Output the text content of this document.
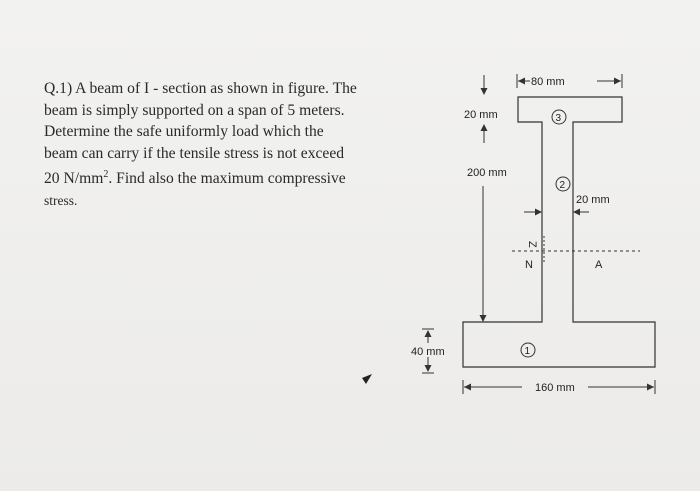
Q.1) A beam of I - section as shown in figure. The

beam is simply supported on a span of 5 meters.

Determine the safe uniformly load which the

beam can carry if the tensile stress is not exceed

20 $N/mm^2$. Find also the maximum compressive

stress.

80 mm
20 mm
200 mm
20 mm
N	A
Z
40 mm
160 mm
3
2
1
